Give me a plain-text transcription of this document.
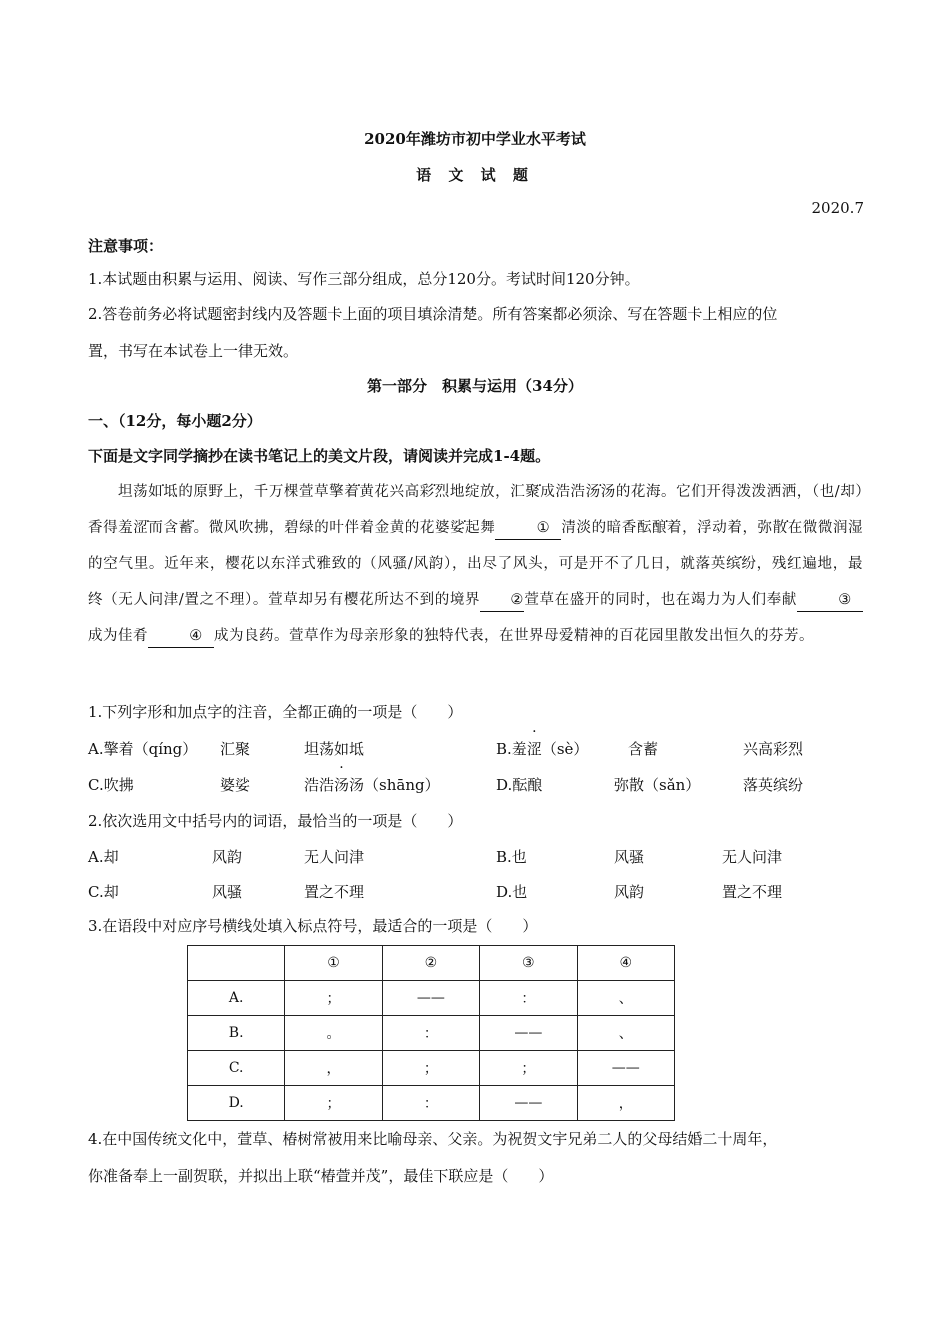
2020年潍坊市初中学业水平考试
语 文 试 题
2020.7
注意事项：
1.本试题由积累与运用、阅读、写作三部分组成，总分120分。考试时间120分钟。
2.答卷前务必将试题密封线内及答题卡上面的项目填涂清楚。所有答案都必须涂、写在答题卡上相应的位
置，书写在本试卷上一律无效。
第一部分　积累与运用（34分）
一、（12分，每小题2分）
下面是文字同学摘抄在读书笔记上的美文片段，请阅读并完成1-4题。

坦荡如坻的原野上，千万棵萱草擎着黄花兴高彩烈地绽放，汇聚成浩浩汤汤的花海。它们开得泼泼洒洒，（也/却）香得羞涩而含蓄。微风吹拂，碧绿的叶伴着金黄的花婆娑起舞	① 清淡的暗香酝酿着，浮动着，弥散在微微润湿的空气里。近年来，樱花以东洋式雅致的（风骚/风韵），出尽了风头，可是开不了几日，就落英缤纷，残红遍地，最终（无人问津/置之不理）。萱草却另有樱花所达不到的境界 ②萱草在盛开的同时，也在竭力为人们奉献	③成为佳肴	④ 成为良药。萱草作为母亲形象的独特代表，在世界母爱精神的百花园里散发出恒久的芬芳。

1.下列字形和加点字的注音，全都正确的一项是（　　）
A.擎着（qíng） 汇聚	坦荡如坻	B.羞涩（sè）	含蓄	兴高彩烈
C.吹拂	婆娑	浩浩汤汤（shāng）	D.酝酿	弥散（sǎn）	落英缤纷
2.依次选用文中括号内的词语，最恰当的一项是（　　）
A.却	风韵	无人问津	B.也	风骚	无人问津
C.却	风骚	置之不理	D.也	风韵	置之不理
3.在语段中对应序号横线处填入标点符号，最适合的一项是（　　）
	①	②	③	④
A.	；	——	：	、
B.	。	：	——	、
C.	，	；	；	——
D.	；	：	——	，
4.在中国传统文化中，萱草、椿树常被用来比喻母亲、父亲。为祝贺文宇兄弟二人的父母结婚二十周年，
你准备奉上一副贺联，并拟出上联“椿萱并茂”，最佳下联应是（　　）
